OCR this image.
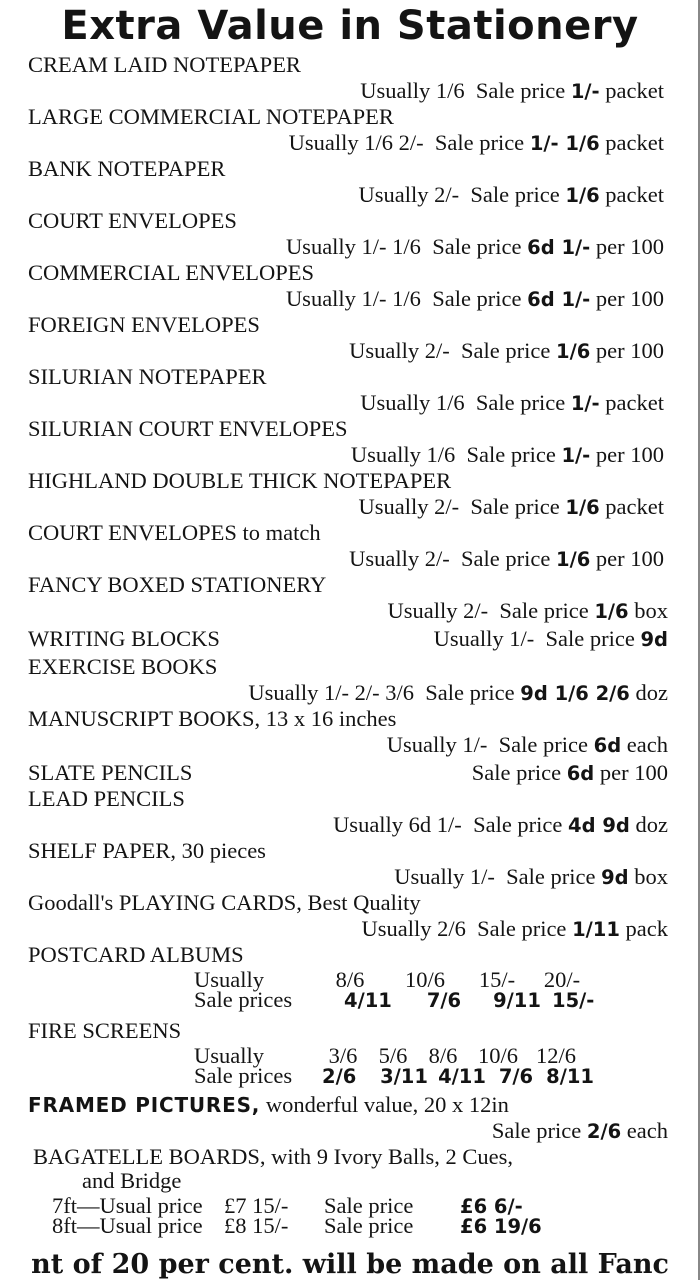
Extra Value in Stationery
CREAM LAID NOTEPAPER
Usually 1/6 Sale price 1/- packet
LARGE COMMERCIAL NOTEPAPER
Usually 1/6 2/- Sale price 1/- 1/6 packet
BANK NOTEPAPER
Usually 2/- Sale price 1/6 packet
COURT ENVELOPES
Usually 1/- 1/6 Sale price 6d 1/- per 100
COMMERCIAL ENVELOPES
Usually 1/- 1/6 Sale price 6d 1/- per 100
FOREIGN ENVELOPES
Usually 2/- Sale price 1/6 per 100
SILURIAN NOTEPAPER
Usually 1/6 Sale price 1/- packet
SILURIAN COURT ENVELOPES
Usually 1/6 Sale price 1/- per 100
HIGHLAND DOUBLE THICK NOTEPAPER
Usually 2/- Sale price 1/6 packet
COURT ENVELOPES to match
Usually 2/- Sale price 1/6 per 100
FANCY BOXED STATIONERY
Usually 2/- Sale price 1/6 box
WRITING BLOCKS	Usually 1/- Sale price 9d
EXERCISE BOOKS
Usually 1/- 2/- 3/6 Sale price 9d 1/6 2/6 doz
MANUSCRIPT BOOKS, 13 x 16 inches
Usually 1/- Sale price 6d each
SLATE PENCILS	Sale price 6d per 100
LEAD PENCILS
Usually 6d 1/- Sale price 4d 9d doz
SHELF PAPER, 30 pieces
Usually 1/- Sale price 9d box
Goodall's PLAYING CARDS, Best Quality
Usually 2/6 Sale price 1/11 pack
POSTCARD ALBUMS
Usually	8/6 10/6 15/- 20/-
Sale prices	4/11 7/6 9/11 15/-
FIRE SCREENS
Usually	3/6 5/6 8/6 10/6 12/6
Sale prices 2/6 3/11 4/11 7/6 8/11
FRAMED PICTURES, wonderful value, 20 x 12in
Sale price 2/6 each
BAGATELLE BOARDS, with 9 Ivory Balls, 2 Cues,
and Bridge
7ft—Usual price £7 15/- Sale price £6 6/-
8ft—Usual price £8 15/- Sale price £6 19/6
nt of 20 per cent. will be made on all Fanc
